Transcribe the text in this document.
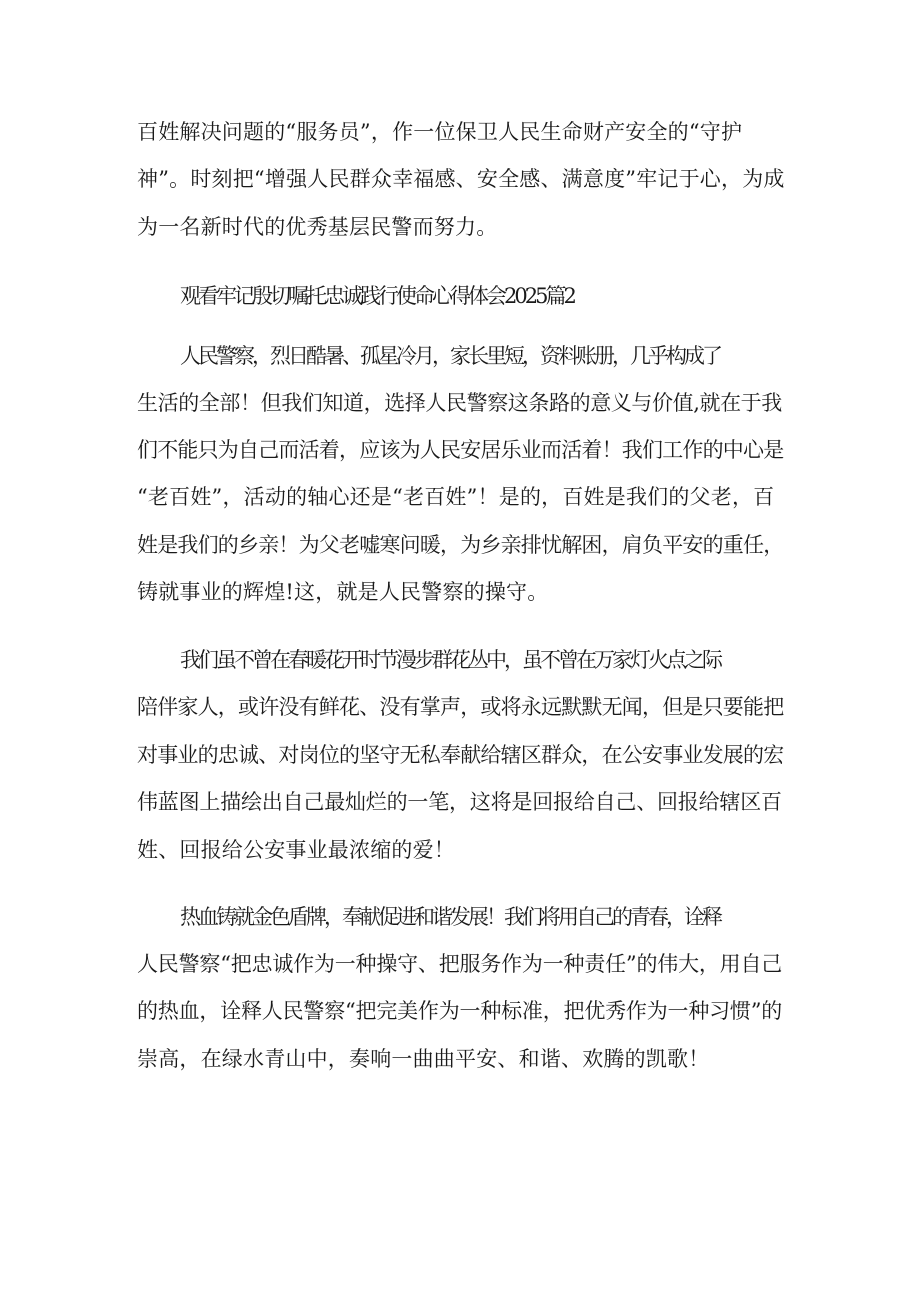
百姓解决问题的“服务员”，作一位保卫人民生命财产安全的“守护
神”。时刻把“增强人民群众幸福感、安全感、满意度”牢记于心，为成
为一名新时代的优秀基层民警而努力。
观看牢记殷切嘱托忠诚践行使命心得体会2025篇2
人民警察，烈日酷暑、孤星冷月，家长里短，资料账册，几乎构成了
生活的全部！但我们知道，选择人民警察这条路的意义与价值,就在于我
们不能只为自己而活着，应该为人民安居乐业而活着！我们工作的中心是
“老百姓”，活动的轴心还是“老百姓”！是的，百姓是我们的父老，百
姓是我们的乡亲！为父老嘘寒问暖，为乡亲排忧解困，肩负平安的重任，
铸就事业的辉煌!这，就是人民警察的操守。
我们虽不曾在春暖花开时节漫步群花丛中，虽不曾在万家灯火点之际
陪伴家人，或许没有鲜花、没有掌声，或将永远默默无闻，但是只要能把
对事业的忠诚、对岗位的坚守无私奉献给辖区群众，在公安事业发展的宏
伟蓝图上描绘出自己最灿烂的一笔，这将是回报给自己、回报给辖区百
姓、回报给公安事业最浓缩的爱！
热血铸就金色盾牌，奉献促进和谐发展！我们将用自己的青春，诠释
人民警察“把忠诚作为一种操守、把服务作为一种责任”的伟大，用自己
的热血，诠释人民警察“把完美作为一种标准，把优秀作为一种习惯”的
崇高，在绿水青山中，奏响一曲曲平安、和谐、欢腾的凯歌！
